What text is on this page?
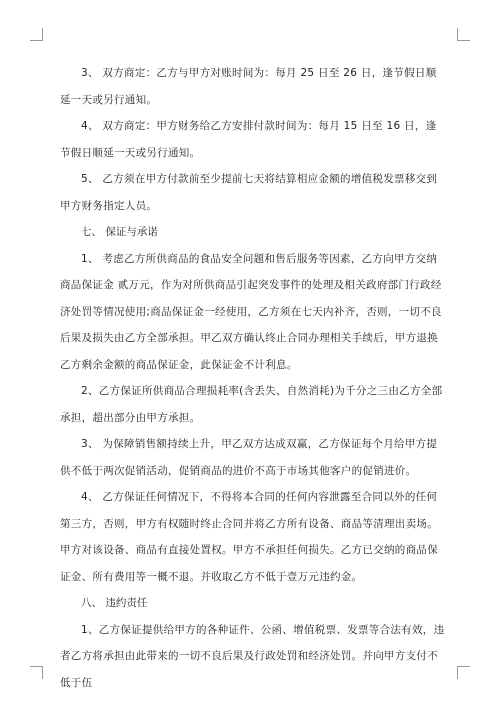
3、 双方商定：乙方与甲方对账时间为：每月 25 日至 26 日，逢节假日顺延一天或另行通知。

4、 双方商定：甲方财务给乙方安排付款时间为：每月 15 日至 16 日，逢节假日顺延一天或另行通知。

5、 乙方须在甲方付款前至少提前七天将结算相应金额的增值税发票移交到甲方财务指定人员。

七、 保证与承诺

1、 考虑乙方所供商品的食品安全问题和售后服务等因素，乙方向甲方交纳商品保证金 贰万元，作为对所供商品引起突发事件的处理及相关政府部门行政经济处罚等情况使用;商品保证金一经使用，乙方须在七天内补齐，否则，一切不良后果及损失由乙方全部承担。甲乙双方确认终止合同办理相关手续后，甲方退换乙方剩余金额的商品保证金，此保证金不计利息。

2、乙方保证所供商品合理损耗率(含丢失、自然消耗)为千分之三由乙方全部承担，超出部分由甲方承担。

3、 为保障销售额持续上升，甲乙双方达成双赢，乙方保证每个月给甲方提供不低于两次促销活动，促销商品的进价不高于市场其他客户的促销进价。

4、 乙方保证任何情况下，不得将本合同的任何内容泄露至合同以外的任何第三方，否则，甲方有权随时终止合同并将乙方所有设备、商品等清理出卖场。甲方对该设备、商品有直接处置权。甲方不承担任何损失。乙方已交纳的商品保证金、所有费用等一概不退。并收取乙方不低于壹万元违约金。

八、 违约责任

1、乙方保证提供给甲方的各种证件、公函、增值税票、发票等合法有效，违者乙方将承担由此带来的一切不良后果及行政处罚和经济处罚。并向甲方支付不低于伍
